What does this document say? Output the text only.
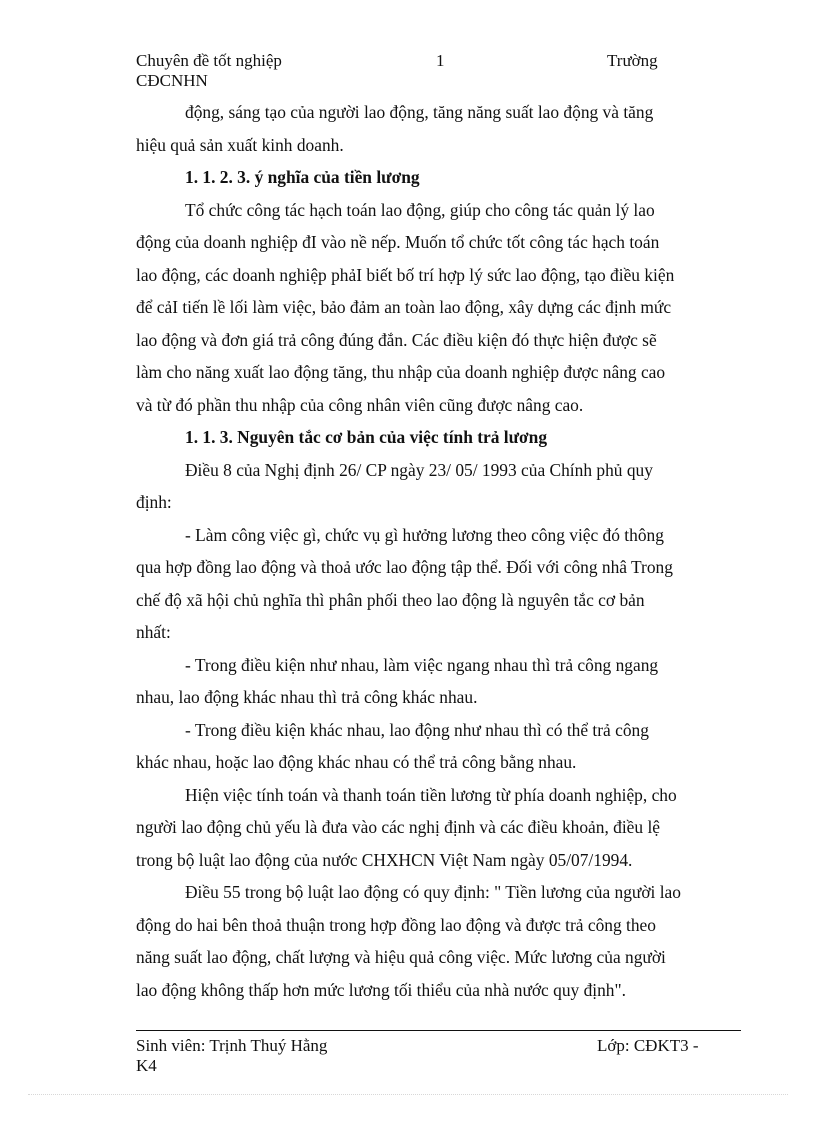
Chuyên đề tốt nghiệp	1	Trường
CĐCNHN

động, sáng tạo của người lao động, tăng năng suất lao động và tăng
hiệu quả sản xuất kinh doanh.

1. 1. 2. 3. ý nghĩa của tiền lương

Tổ chức công tác hạch toán lao động, giúp cho công tác quản lý lao
động của doanh nghiệp đI vào nề nếp. Muốn tổ chức tốt công tác hạch toán
lao động, các doanh nghiệp phảI biết bố trí hợp lý sức lao động, tạo điều kiện
để cảI tiến lề lối làm việc, bảo đảm an toàn lao động, xây dựng các định mức
lao động và đơn giá trả công đúng đắn. Các điều kiện đó thực hiện được sẽ
làm cho năng xuất lao động tăng, thu nhập của doanh nghiệp được nâng cao
và từ đó phần thu nhập của công nhân viên cũng được nâng cao.

1. 1. 3. Nguyên tắc cơ bản của việc tính trả lương

Điều 8 của Nghị định 26/ CP ngày 23/ 05/ 1993 của Chính phủ quy
định:

- Làm công việc gì, chức vụ gì hưởng lương theo công việc đó thông
qua hợp đồng lao động và thoả ước lao động tập thể. Đối với công nhâ Trong
chế độ xã hội chủ nghĩa thì phân phối theo lao động là nguyên tắc cơ bản
nhất:

- Trong điều kiện như nhau, làm việc ngang nhau thì trả công ngang
nhau, lao động khác nhau thì trả công khác nhau.

- Trong điều kiện khác nhau, lao động như nhau thì có thể trả công
khác nhau, hoặc lao động khác nhau có thể trả công bằng nhau.

Hiện việc tính toán và thanh toán tiền lương từ phía doanh nghiệp, cho
người lao động chủ yếu là đưa vào các nghị định và các điều khoản, điều lệ
trong bộ luật lao động của nước CHXHCN Việt Nam ngày 05/07/1994.

Điều 55 trong bộ luật lao động có quy định: " Tiền lương của người lao
động do hai bên thoả thuận trong hợp đồng lao động và được trả công theo
năng suất lao động, chất lượng và hiệu quả công việc. Mức lương của người
lao động không thấp hơn mức lương tối thiểu của nhà nước quy định".

Sinh viên: Trịnh Thuý Hằng	Lớp: CĐKT3 -
K4
